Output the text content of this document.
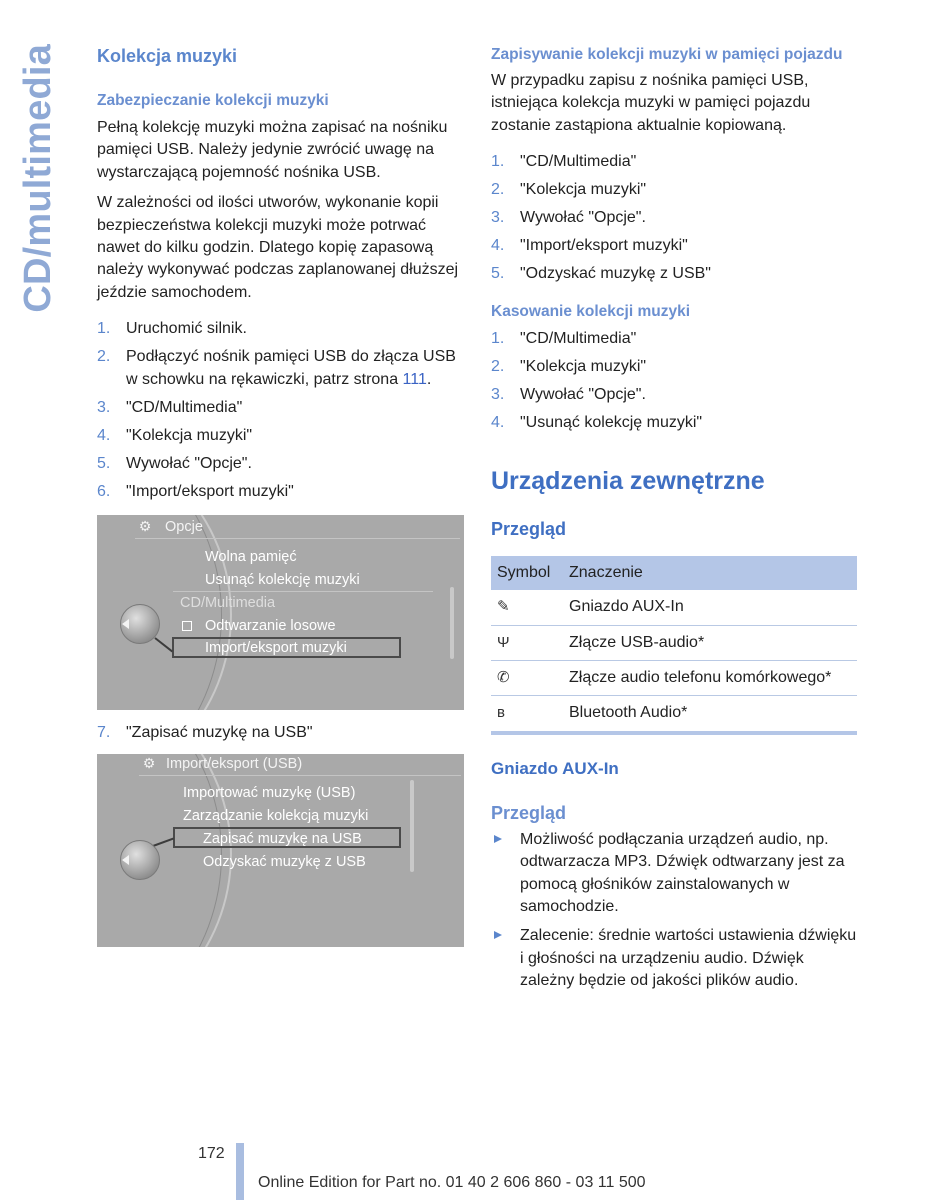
CD/multimedia Kolekcja muzyki
Zabezpieczanie kolekcji muzyki

Pełną kolekcję muzyki można zapisać na nośniku pamięci USB. Należy jedynie zwrócić uwagę na wystarczającą pojemność nośnika USB.

W zależności od ilości utworów, wykonanie kopii bezpieczeństwa kolekcji muzyki może potrwać nawet do kilku godzin. Dlatego kopię zapasową należy wykonywać podczas zaplanowanej dłuższej jeździe samochodem.

1. Uruchomić silnik.
2. Podłączyć nośnik pamięci USB do złącza USB w schowku na rękawiczki, patrz strona 111.
3. "CD/Multimedia"
4. "Kolekcja muzyki"
5. Wywołać "Opcje".
6. "Import/eksport muzyki"
⚙ Opcje
Wolna pamięć
Usunąć kolekcję muzyki
CD/Multimedia
Odtwarzanie losowe
Import/eksport muzyki
7. "Zapisać muzykę na USB"
⚙ Import/eksport (USB)
Importować muzykę (USB)
Zarządzanie kolekcją muzyki
Zapisać muzykę na USB
Odzyskać muzykę z USB
Zapisywanie kolekcji muzyki w pamięci pojazdu

W przypadku zapisu z nośnika pamięci USB, istniejąca kolekcja muzyki w pamięci pojazdu zostanie zastąpiona aktualnie kopiowaną.

1. "CD/Multimedia"
2. "Kolekcja muzyki"
3. Wywołać "Opcje".
4. "Import/eksport muzyki"
5. "Odzyskać muzykę z USB"
Kasowanie kolekcji muzyki
1. "CD/Multimedia"
2. "Kolekcja muzyki"
3. Wywołać "Opcje".
4. "Usunąć kolekcję muzyki"
Urządzenia zewnętrzne
Przegląd
Symbol	Znaczenie
✎	Gniazdo AUX-In
Ψ	Złącze USB-audio*
✆	Złącze audio telefonu komórkowego*
ʙ	Bluetooth Audio*
Gniazdo AUX-In
Przegląd
Możliwość podłączania urządzeń audio, np. odtwarzacza MP3. Dźwięk odtwarzany jest za pomocą głośników zainstalowanych w samochodzie.
Zalecenie: średnie wartości ustawienia dźwięku i głośności na urządzeniu audio. Dźwięk zależny będzie od jakości plików audio.
172
Online Edition for Part no. 01 40 2 606 860 - 03 11 500
